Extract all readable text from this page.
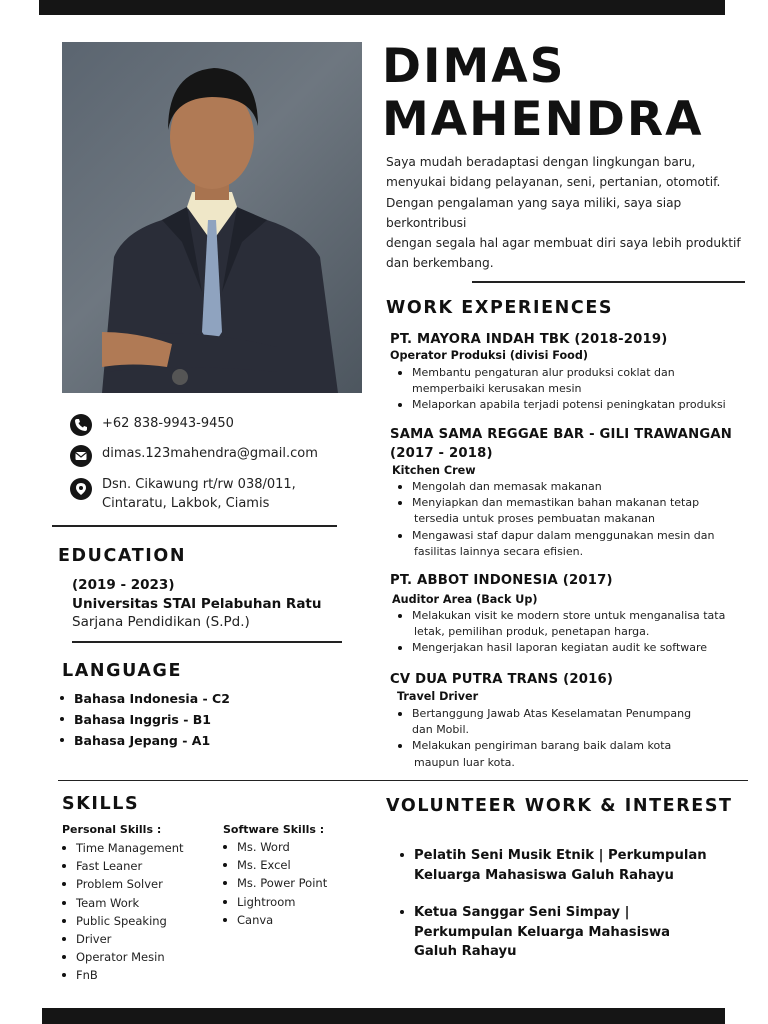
DIMAS
MAHENDRA
Saya mudah beradaptasi dengan lingkungan baru,
menyukai bidang pelayanan, seni, pertanian, otomotif.
Dengan pengalaman yang saya miliki, saya siap
berkontribusi
dengan segala hal agar membuat diri saya lebih produktif
dan berkembang.
+62 838-9943-9450
dimas.123mahendra@gmail.com
Dsn. Cikawung rt/rw 038/011,
Cintaratu, Lakbok, Ciamis
EDUCATION
(2019 - 2023)
Universitas STAI Pelabuhan Ratu
Sarjana Pendidikan (S.Pd.)
LANGUAGE
Bahasa Indonesia - C2
Bahasa Inggris - B1
Bahasa Jepang - A1
SKILLS
Personal Skills :
Time Management
Fast Leaner
Problem Solver
Team Work
Public Speaking
Driver
Operator Mesin
FnB
Software Skills :
Ms. Word
Ms. Excel
Ms. Power Point
Lightroom
Canva
WORK EXPERIENCES
PT. MAYORA INDAH TBK (2018-2019)
Operator Produksi (divisi Food)
Membantu pengaturan alur produksi coklat dan
memperbaiki kerusakan mesin
Melaporkan apabila terjadi potensi peningkatan produksi
SAMA SAMA REGGAE BAR - GILI TRAWANGAN
(2017 - 2018)
Kitchen Crew
Mengolah dan memasak makanan
Menyiapkan dan memastikan bahan makanan tetap
tersedia untuk proses pembuatan makanan
Mengawasi staf dapur dalam menggunakan mesin dan
fasilitas lainnya secara efisien.
PT. ABBOT INDONESIA (2017)
Auditor Area (Back Up)
Melakukan visit ke modern store untuk menganalisa tata
letak, pemilihan produk, penetapan harga.
Mengerjakan hasil laporan kegiatan audit ke software
CV DUA PUTRA TRANS (2016)
Travel Driver
Bertanggung Jawab Atas Keselamatan Penumpang
dan Mobil.
Melakukan pengiriman barang baik dalam kota
maupun luar kota.
VOLUNTEER WORK & INTEREST
Pelatih Seni Musik Etnik | Perkumpulan
Keluarga Mahasiswa Galuh Rahayu
Ketua Sanggar Seni Simpay |
Perkumpulan Keluarga Mahasiswa
Galuh Rahayu
